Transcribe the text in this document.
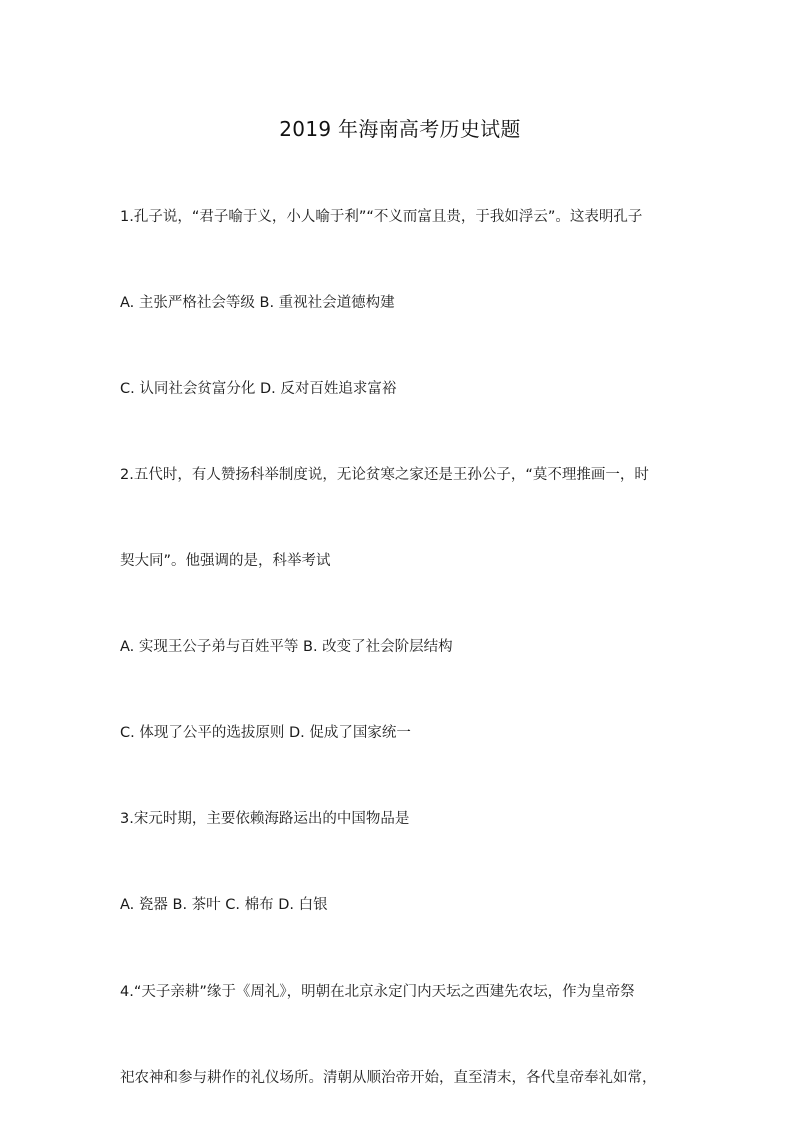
2019 年海南高考历史试题
1.孔子说，“君子喻于义，小人喻于利”“不义而富且贵，于我如浮云”。这表明孔子
A. 主张严格社会等级 B. 重视社会道德构建
C. 认同社会贫富分化 D. 反对百姓追求富裕
2.五代时，有人赞扬科举制度说，无论贫寒之家还是王孙公子，“莫不理推画一，时
契大同”。他强调的是，科举考试
A. 实现王公子弟与百姓平等 B. 改变了社会阶层结构
C. 体现了公平的选拔原则 D. 促成了国家统一
3.宋元时期，主要依赖海路运出的中国物品是
A. 瓷器 B. 茶叶 C. 棉布 D. 白银
4.“天子亲耕”缘于《周礼》，明朝在北京永定门内天坛之西建先农坛，作为皇帝祭
祀农神和参与耕作的礼仪场所。清朝从顺治帝开始，直至清末，各代皇帝奉礼如常，
